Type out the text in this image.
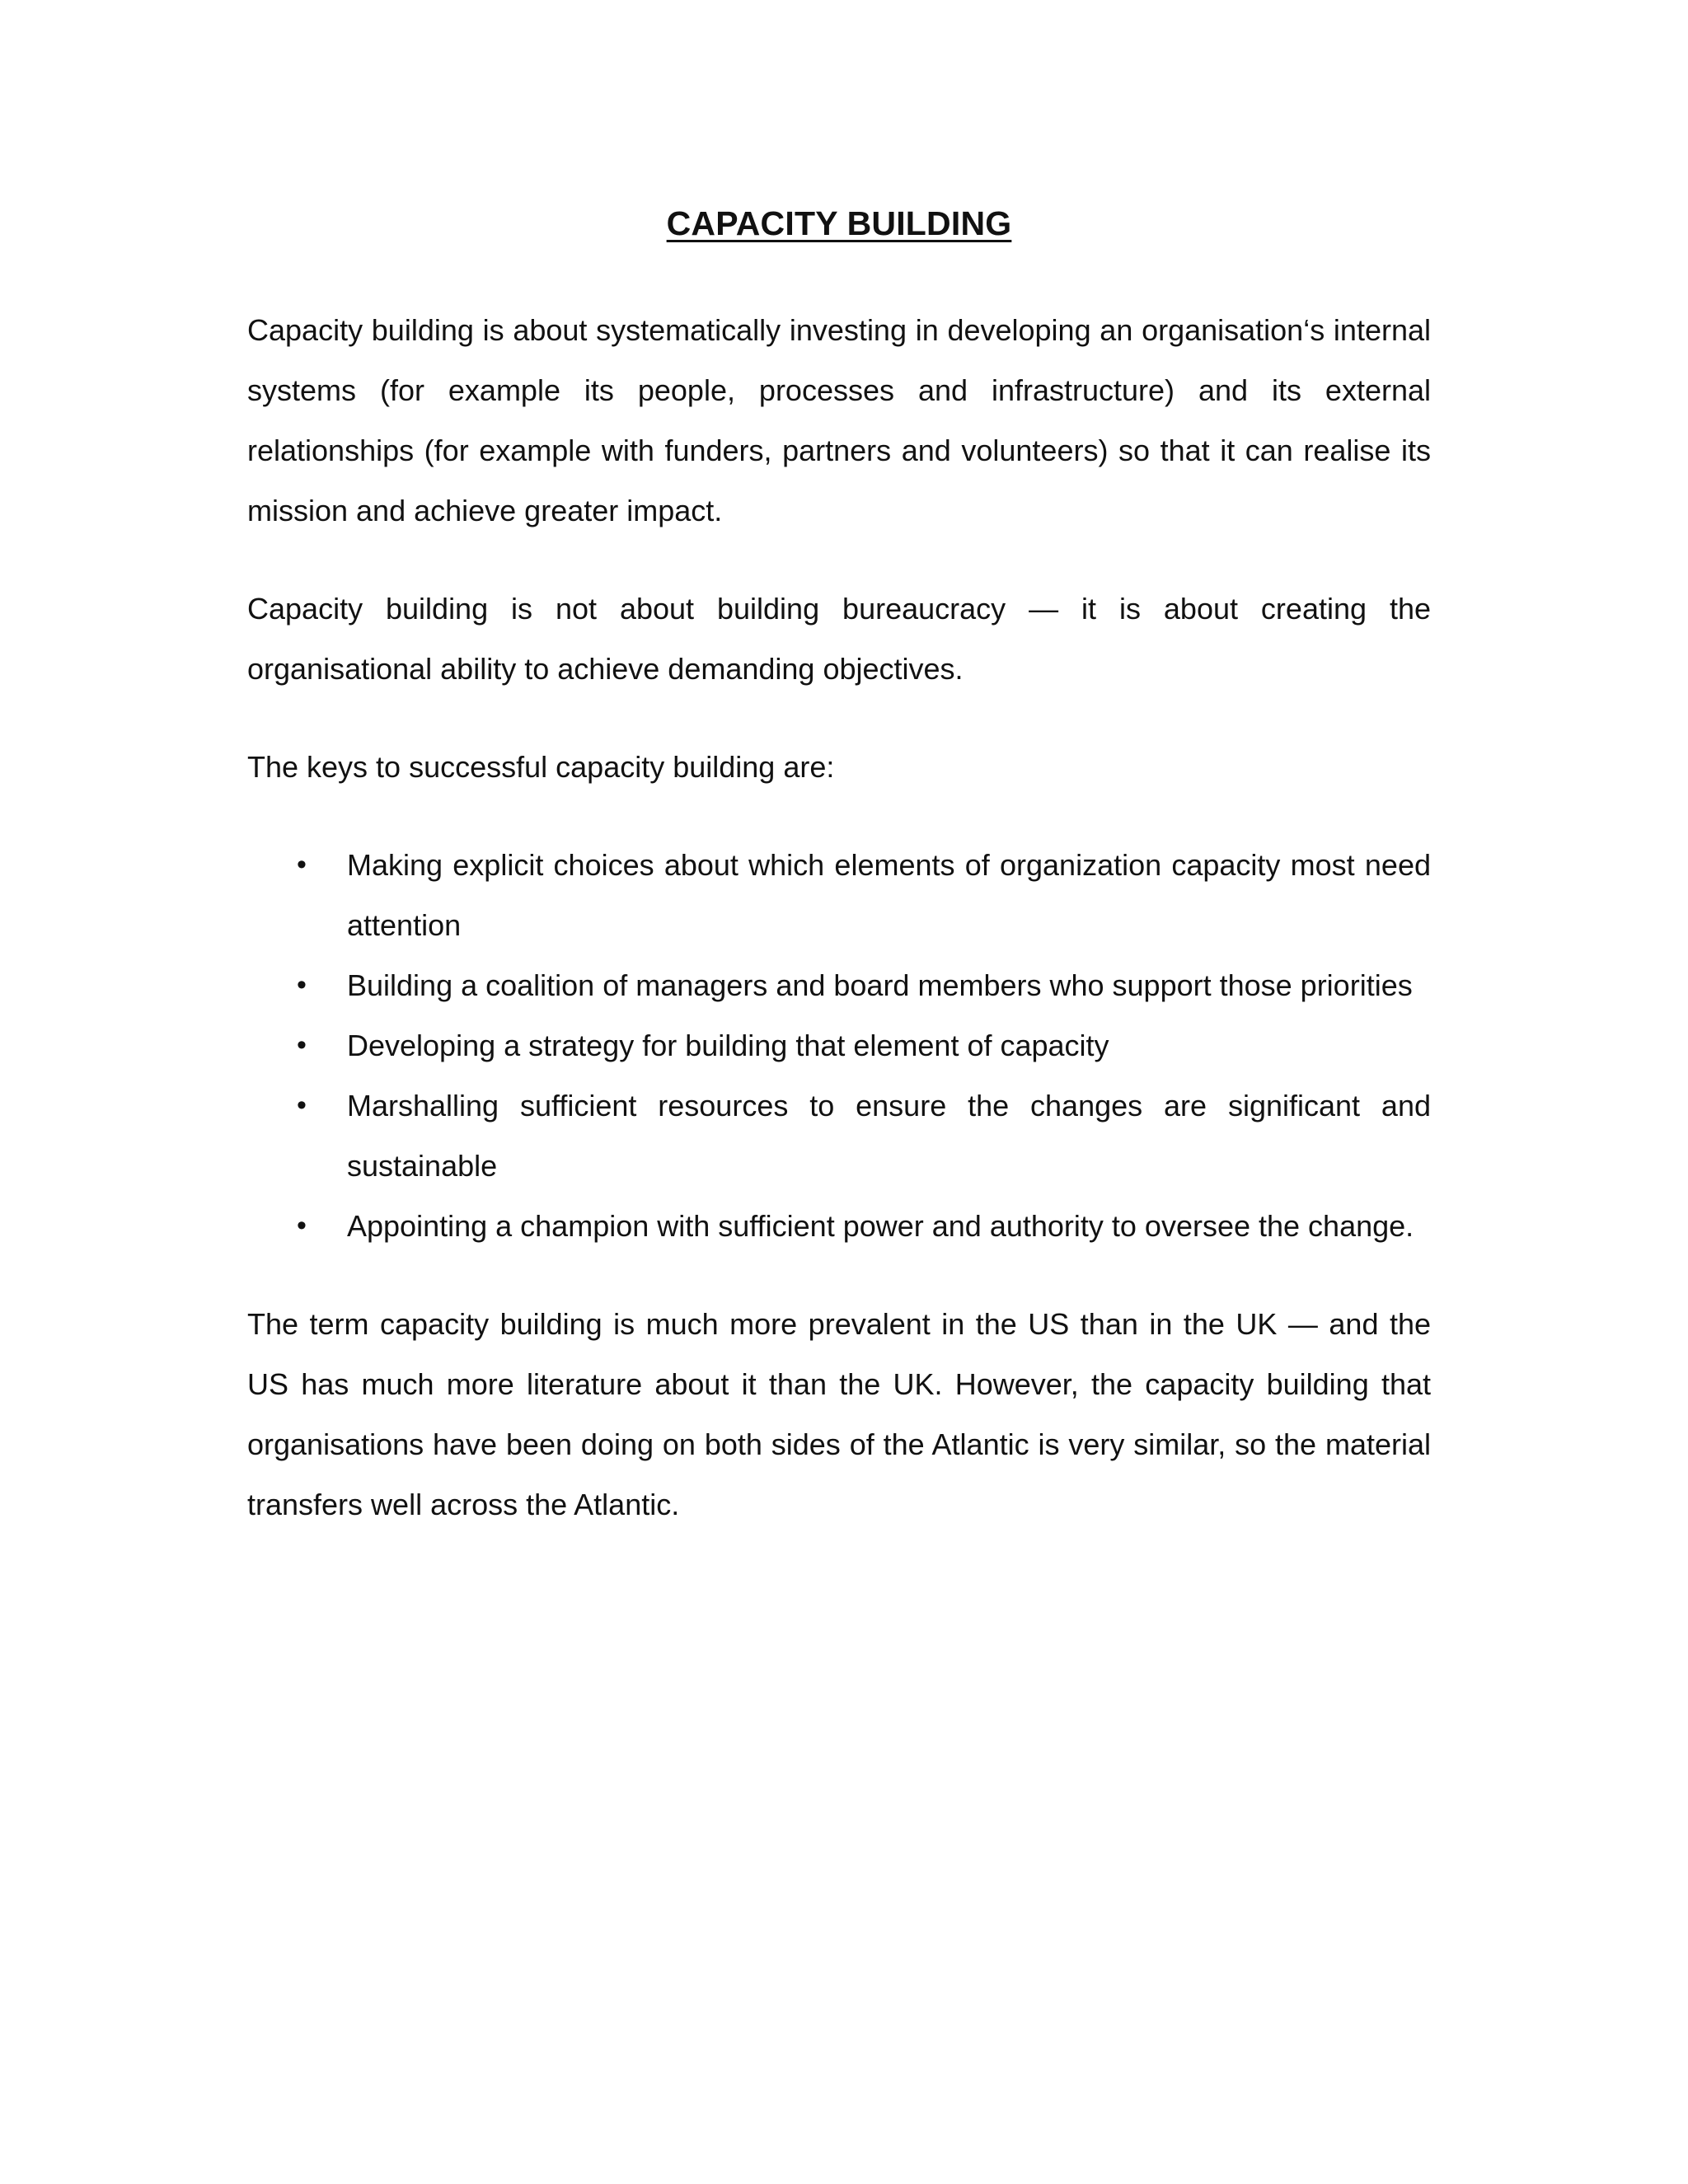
CAPACITY BUILDING

Capacity building is about systematically investing in developing an organisation‘s internal systems (for example its people, processes and infrastructure) and its external relationships (for example with funders, partners and volunteers) so that it can realise its mission and achieve greater impact.

Capacity building is not about building bureaucracy — it is about creating the organisational ability to achieve demanding objectives.

The keys to successful capacity building are:

• Making explicit choices about which elements of organization capacity most need attention
• Building a coalition of managers and board members who support those priorities
• Developing a strategy for building that element of capacity
• Marshalling sufficient resources to ensure the changes are significant and sustainable
• Appointing a champion with sufficient power and authority to oversee the change.

The term capacity building is much more prevalent in the US than in the UK — and the US has much more literature about it than the UK. However, the capacity building that organisations have been doing on both sides of the Atlantic is very similar, so the material transfers well across the Atlantic.
